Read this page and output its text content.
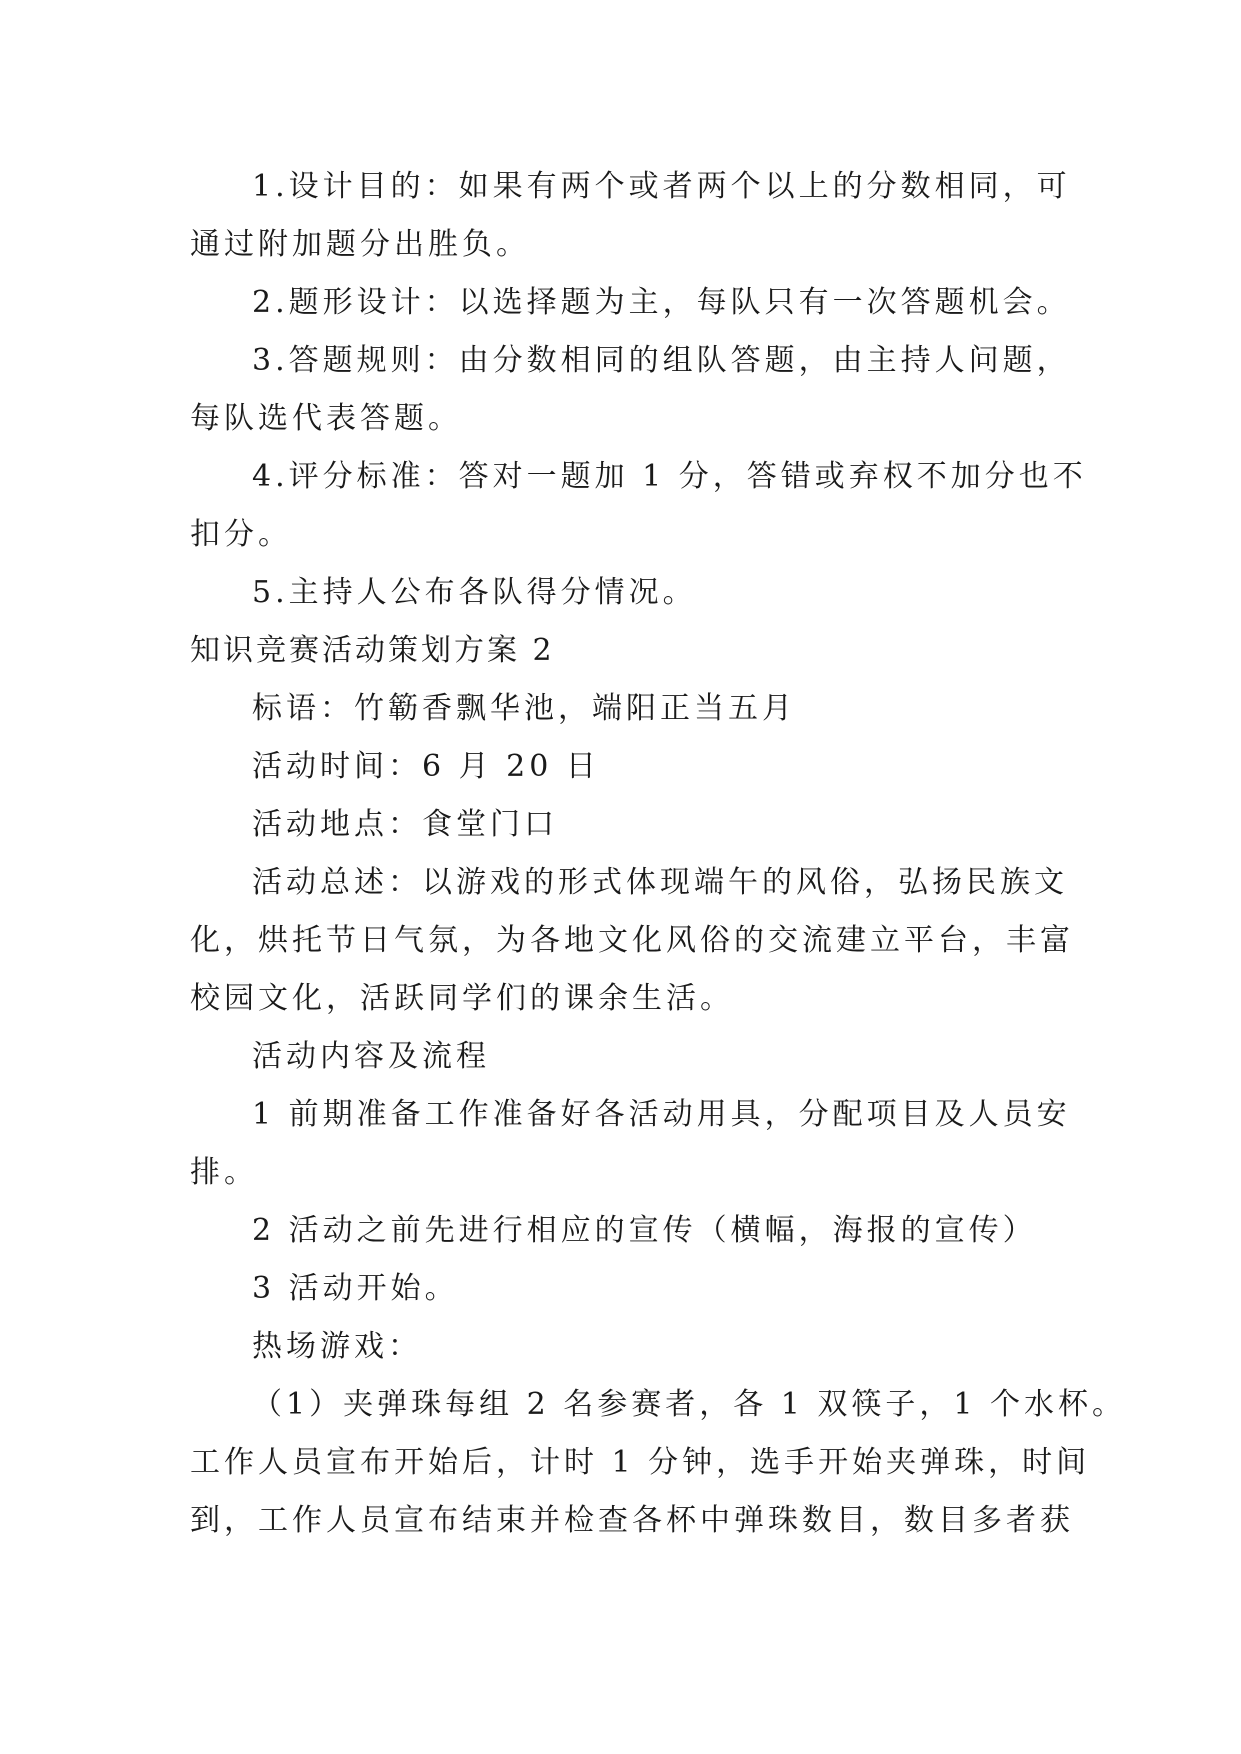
1.设计目的：如果有两个或者两个以上的分数相同，可
通过附加题分出胜负。
2.题形设计：以选择题为主，每队只有一次答题机会。
3.答题规则：由分数相同的组队答题，由主持人问题，
每队选代表答题。
4.评分标准：答对一题加 1 分，答错或弃权不加分也不
扣分。
5.主持人公布各队得分情况。
知识竞赛活动策划方案 2
标语：竹簕香飘华池，端阳正当五月
活动时间：6 月 20 日
活动地点：食堂门口
活动总述：以游戏的形式体现端午的风俗，弘扬民族文
化，烘托节日气氛，为各地文化风俗的交流建立平台，丰富
校园文化，活跃同学们的课余生活。
活动内容及流程
1 前期准备工作准备好各活动用具，分配项目及人员安
排。
2 活动之前先进行相应的宣传（横幅，海报的宣传）
3 活动开始。
热场游戏：
（1）夹弹珠每组 2 名参赛者，各 1 双筷子，1 个水杯。
工作人员宣布开始后，计时 1 分钟，选手开始夹弹珠，时间
到，工作人员宣布结束并检查各杯中弹珠数目，数目多者获
